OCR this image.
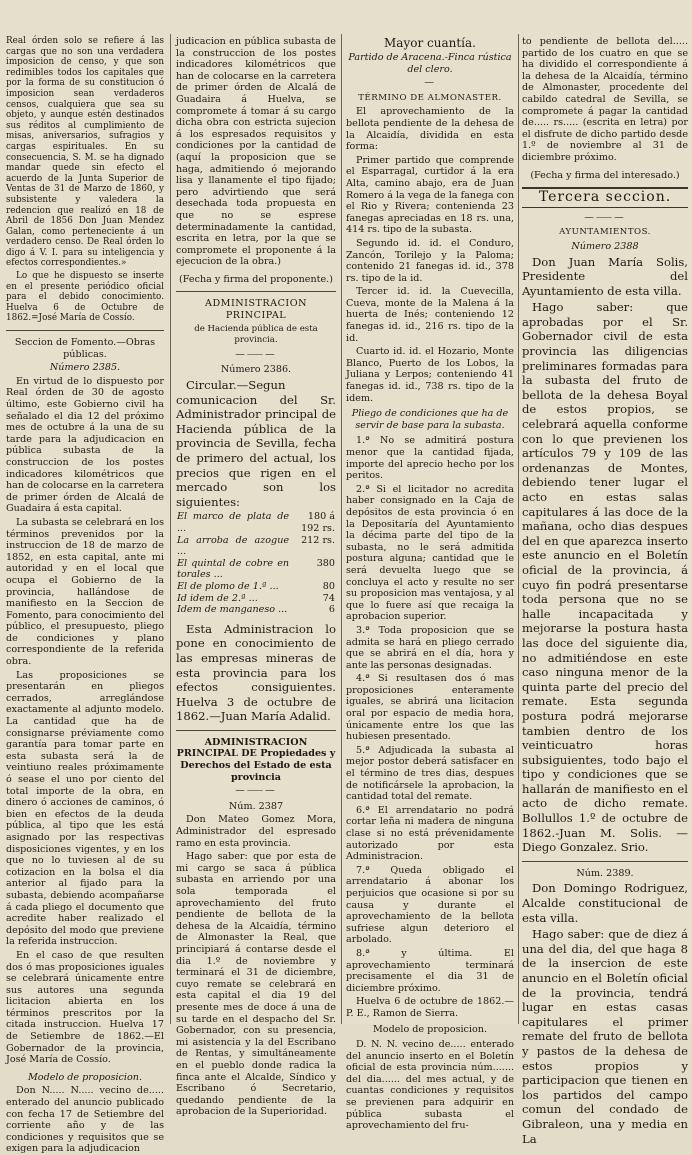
Real órden solo se refiere á las cargas que no son una verdadera imposicion de censo, y que son redimibles todos los capitales que por la forma de su constitucion ó imposicion sean verdaderos censos, cualquiera que sea su objeto, y aunque estén destinados sus réditos al cumplimiento de misas, aniversarios, sufragios y cargas espirituales. En su consecuencia, S. M. se ha dignado mandar quede sin efecto el acuerdo de la Junta Superior de Ventas de 31 de Marzo de 1860, y subsistente y valedera la redencion que realizó en 18 de Abril de 1856 Don Juan Mendez Galan, como perteneciente á un verdadero censo. De Real órden lo digo á V. I. para su inteligencia y efectos correspondientes.»

Lo que he dispuesto se inserte en el presente periódico oficial para el debido conocimiento. Huelva 6 de Octubre de 1862.=José María de Cossío.

Seccion de Fomento.—Obras públicas.

Número 2385.

En virtud de lo dispuesto por Real órden de 30 de agosto último, este Gobierno civil ha señalado el dia 12 del próximo mes de octubre á la una de su tarde para la adjudicacion en pública subasta de la construccion de los postes indicadores kilométricos que han de colocarse en la carretera de primer órden de Alcalá de Guadaira á esta capital.

La subasta se celebrará en los términos prevenidos por la instruccion de 18 de marzo de 1852, en esta capital, ante mi autoridad y en el local que ocupa el Gobierno de la provincia, hallándose de manifiesto en la Seccion de Fomento, para conocimiento del público, el presupuesto, pliego de condiciones y plano correspondiente de la referida obra.

Las proposiciones se presentarán en pliegos cerrados, arreglándose exactamente al adjunto modelo. La cantidad que ha de consignarse préviamente como garantía para tomar parte en esta subasta será la de veintiuno reales próximamente ó sease el uno por ciento del total importe de la obra, en dinero ó acciones de caminos, ó bien en efectos de la deuda pública, al tipo que les está asignado por las respectivas disposiciones vigentes, y en los que no lo tuviesen al de su cotizacion en la bolsa el dia anterior al fijado para la subasta, debiendo acompañarse á cada pliego el documento que acredite haber realizado el depósito del modo que previene la referida instruccion.

En el caso de que resulten dos ó mas proposiciones iguales se celebrará únicamente entre sus autores una segunda licitacion abierta en los términos prescritos por la citada instruccion. Huelva 17 de Setiembre de 1862.—El Gobernador de la provincia, José María de Cossío.

Modelo de proposicion.

Don N..... N..... vecino de..... enterado del anuncio publicado con fecha 17 de Setiembre del corriente año y de las condiciones y requisitos que se exigen para la adjudicacion

judicacion en pública subasta de la construccion de los postes indicadores kilométricos que han de colocarse en la carretera de primer órden de Alcalá de Guadaira á Huelva, se compromete á tomar á su cargo dicha obra con estricta sujecion á los espresados requisitos y condiciones por la cantidad de (aquí la proposicion que se haga, admitiendo ó mejorando lisa y llanamente el tipo fijado; pero advirtiendo que será desechada toda propuesta en que no se esprese determinadamente la cantidad, escrita en letra, por la que se compromete el proponente á la ejecucion de la obra.)

(Fecha y firma del proponente.)

ADMINISTRACION PRINCIPAL

de Hacienda pública de esta provincia.

—⸺—

Número 2386.

Circular.—Segun comunicacion del Sr. Administrador principal de Hacienda pública de la provincia de Sevilla, fecha de primero del actual, los precios que rigen en el mercado son los siguientes:

El marco de plata de ...	180 á 192 rs.
La arroba de azogue ...	212 rs.
El quintal de cobre en torales ...	380
El de plomo de 1.ª ...	80
Id idem de 2.ª ...	74
Idem de manganeso ...	6

Esta Administracion lo pone en conocimiento de las empresas mineras de esta provincia para los efectos consiguientes. Huelva 3 de octubre de 1862.—Juan María Adalid.

ADMINISTRACION PRINCIPAL DE Propiedades y Derechos del Estado de esta provincia

—⸺—

Núm. 2387

Don Mateo Gomez Mora, Administrador del espresado ramo en esta provincia.

Hago saber: que por esta de mi cargo se saca á pública subasta en arriendo por una sola temporada el aprovechamiento del fruto pendiente de bellota de la dehesa de la Alcaidía, término de Almonaster la Real, que principiará á contarse desde el dia 1.º de noviembre y terminará el 31 de diciembre, cuyo remate se celebrará en esta capital el dia 19 del presente mes de doce á una de su tarde en el despacho del Sr. Gobernador, con su presencia, mi asistencia y la del Escribano de Rentas, y simultáneamente en el pueblo donde radica la finca ante el Alcalde, Síndico y Escribano ó Secretario, quedando pendiente de la aprobacion de la Superioridad.

Mayor cuantía.

Partido de Aracena.-Finca rústica del clero.

—

TÉRMINO DE ALMONASTER.

El aprovechamiento de la bellota pendiente de la dehesa de la Alcaidía, dividida en esta forma:

Primer partido que comprende el Esparragal, curtidor á la era Alta, camino abajo, era de Juan Romero á la vega de la fanega con el Rio y Rivera; contenienda 23 fanegas apreciadas en 18 rs. una, 414 rs. tipo de la subasta.

Segundo id. id. el Conduro, Zancón, Torilejo y la Paloma; contenido 21 fanegas id. id., 378 rs. tipo de la id.

Tercer id. id. la Cuevecilla, Cueva, monte de la Malena á la huerta de Inés; conteniendo 12 fanegas id. id., 216 rs. tipo de la id.

Cuarto id. id. el Hozario, Monte Blanco, Puerto de los Lobos, la Juliana y Lerpos; conteniendo 41 fanegas id. id., 738 rs. tipo de la idem.

Pliego de condiciones que ha de servir de base para la subasta.

1.ª No se admitirá postura menor que la cantidad fijada, importe del aprecio hecho por los peritos.

2.ª Si el licitador no acredita haber consignado en la Caja de depósitos de esta provincia ó en la Depositaría del Ayuntamiento la décima parte del tipo de la subasta, no le será admitida postura alguna; cantidad que le será devuelta luego que se concluya el acto y resulte no ser su proposicion mas ventajosa, y al que lo fuere así que recaiga la aprobacion superior.

3.ª Toda proposicion que se admita se hará en pliego cerrado que se abrirá en el día, hora y ante las personas designadas.

4.ª Si resultasen dos ó mas proposiciones enteramente iguales, se abrirá una licitacion oral por espacio de media hora, únicamente entre los que las hubiesen presentado.

5.ª Adjudicada la subasta al mejor postor deberá satisfacer en el término de tres dias, despues de notificársele la aprobacion, la cantidad total del remate.

6.ª El arrendatario no podrá cortar leña ni madera de ninguna clase si no está prévenidamente autorizado por esta Administracion.

7.ª Queda obligado el arrendatario á abonar los perjuicios que ocasione si por su causa y durante el aprovechamiento de la bellota sufriese algun deterioro el arbolado.

8.ª y última. El aprovechamiento terminará precisamente el dia 31 de diciembre próximo.

Huelva 6 de octubre de 1862.—P. E., Ramon de Sierra.

Modelo de proposicion.

D. N. N. vecino de..... enterado del anuncio inserto en el Boletín oficial de esta provincia núm....... del dia...... del mes actual, y de cuantas condiciones y requisitos se previenen para adquirir en pública subasta el aprovechamiento del fru-

to pendiente de bellota del..... partido de los cuatro en que se ha dividido el correspondiente á la dehesa de la Alcaidía, término de Almonaster, procedente del cabildo catedral de Sevilla, se compromete á pagar la cantidad de..... rs..... (escrita en letra) por el disfrute de dicho partido desde 1.º de noviembre al 31 de diciembre próximo.

(Fecha y firma del interesado.)

Tercera seccion.
—⸺—

AYUNTAMIENTOS.

Número 2388

Don Juan María Solis, Presidente del Ayuntamiento de esta villa.

Hago saber: que aprobadas por el Sr. Gobernador civil de esta provincia las diligencias preliminares formadas para la subasta del fruto de bellota de la dehesa Boyal de estos propios, se celebrará aquella conforme con lo que previenen los artículos 79 y 109 de las ordenanzas de Montes, debiendo tener lugar el acto en estas salas capitulares á las doce de la mañana, ocho dias despues del en que aparezca inserto este anuncio en el Boletín oficial de la provincia, á cuyo fin podrá presentarse toda persona que no se halle incapacitada y mejorarse la postura hasta las doce del siguiente dia, no admitiéndose en este caso ninguna menor de la quinta parte del precio del remate. Esta segunda postura podrá mejorarse tambien dentro de los veinticuatro horas subsiguientes, todo bajo el tipo y condiciones que se hallarán de manifiesto en el acto de dicho remate. Bollullos 1.º de octubre de 1862.-Juan M. Solis. —Diego Gonzalez. Srio.

Núm. 2389.

Don Domingo Rodriguez, Alcalde constitucional de esta villa.

Hago saber: que de diez á una del dia, del que haga 8 de la insercion de este anuncio en el Boletín oficial de la provincia, tendrá lugar en estas casas capitulares el primer remate del fruto de bellota y pastos de la dehesa de estos propios y participacion que tienen en los partidos del campo comun del condado de Gibraleon, una y media en La
